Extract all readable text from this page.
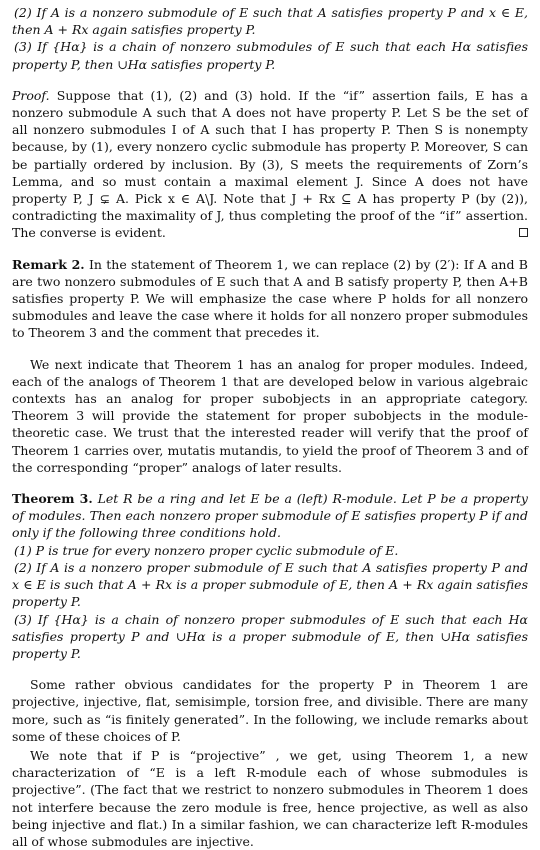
(2) If A is a nonzero submodule of E such that A satisfies property P and x ∈ E, then A + Rx again satisfies property P.

(3) If {Hα} is a chain of nonzero submodules of E such that each Hα satisfies property P, then ∪Hα satisfies property P.

Proof. Suppose that (1), (2) and (3) hold. If the “if” assertion fails, E has a nonzero submodule A such that A does not have property P. Let S be the set of all nonzero submodules I of A such that I has property P. Then S is nonempty because, by (1), every nonzero cyclic submodule has property P. Moreover, S can be partially ordered by inclusion. By (3), S meets the requirements of Zorn’s Lemma, and so must contain a maximal element J. Since A does not have property P, J ⊊ A. Pick x ∈ A\J. Note that J + Rx ⊆ A has property P (by (2)), contradicting the maximality of J, thus completing the proof of the “if” assertion. The converse is evident.

Remark 2. In the statement of Theorem 1, we can replace (2) by (2′): If A and B are two nonzero submodules of E such that A and B satisfy property P, then A+B satisfies property P. We will emphasize the case where P holds for all nonzero submodules and leave the case where it holds for all nonzero proper submodules to Theorem 3 and the comment that precedes it.

We next indicate that Theorem 1 has an analog for proper modules. Indeed, each of the analogs of Theorem 1 that are developed below in various algebraic contexts has an analog for proper subobjects in an appropriate category. Theorem 3 will provide the statement for proper subobjects in the module-theoretic case. We trust that the interested reader will verify that the proof of Theorem 1 carries over, mutatis mutandis, to yield the proof of Theorem 3 and of the corresponding “proper” analogs of later results.

Theorem 3. Let R be a ring and let E be a (left) R-module. Let P be a property of modules. Then each nonzero proper submodule of E satisfies property P if and only if the following three conditions hold.

(1) P is true for every nonzero proper cyclic submodule of E.

(2) If A is a nonzero proper submodule of E such that A satisfies property P and x ∈ E is such that A + Rx is a proper submodule of E, then A + Rx again satisfies property P.

(3) If {Hα} is a chain of nonzero proper submodules of E such that each Hα satisfies property P and ∪Hα is a proper submodule of E, then ∪Hα satisfies property P.

Some rather obvious candidates for the property P in Theorem 1 are projective, injective, flat, semisimple, torsion free, and divisible. There are many more, such as “is finitely generated”. In the following, we include remarks about some of these choices of P.

We note that if P is “projective” , we get, using Theorem 1, a new characterization of “E is a left R-module each of whose submodules is projective”. (The fact that we restrict to nonzero submodules in Theorem 1 does not interfere because the zero module is free, hence projective, as well as also being injective and flat.) In a similar fashion, we can characterize left R-modules all of whose submodules are injective.
